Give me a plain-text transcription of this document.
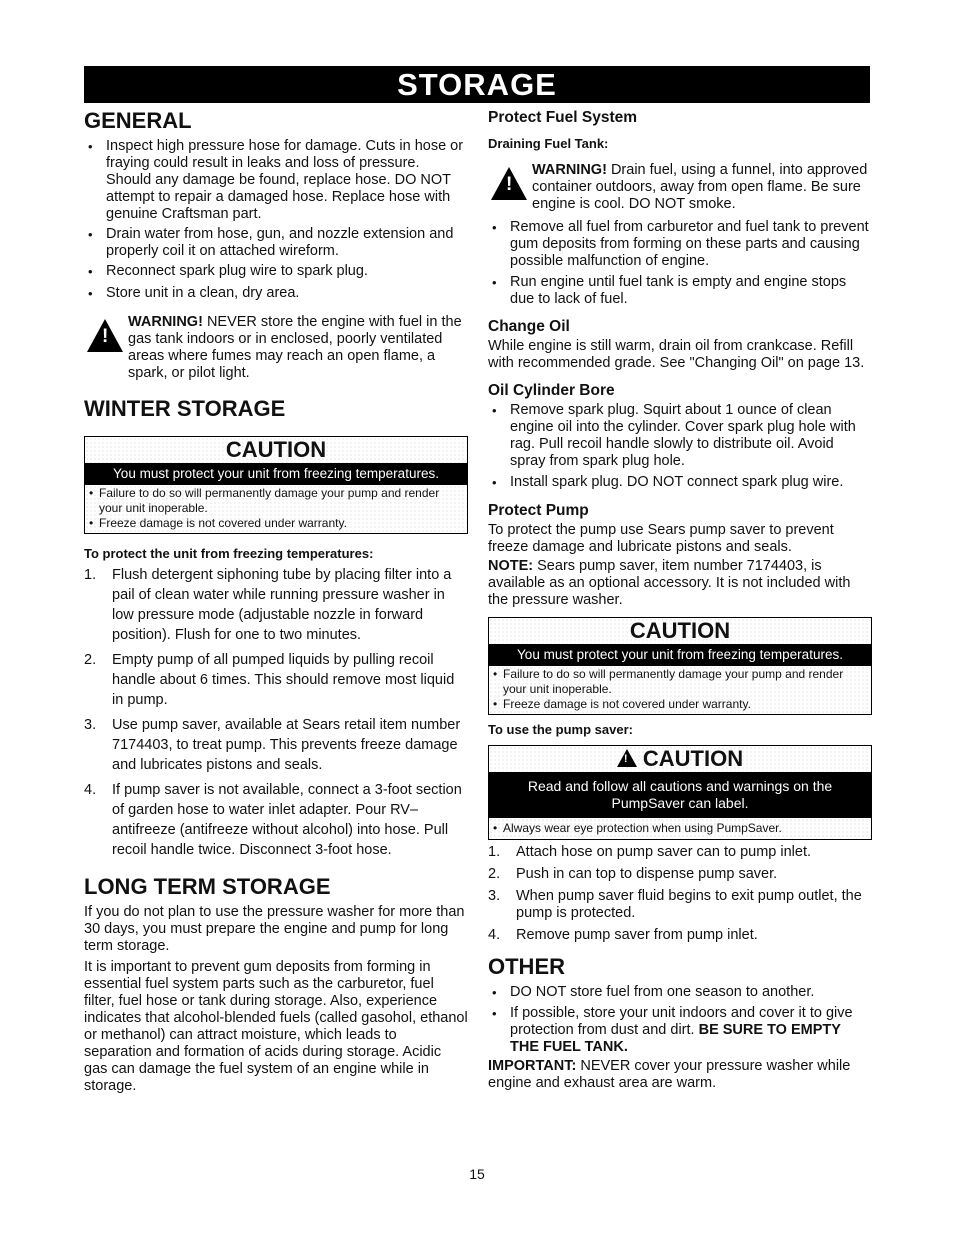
STORAGE
GENERAL
• Inspect high pressure hose for damage. Cuts in hose or fraying could result in leaks and loss of pressure. Should any damage be found, replace hose. DO NOT attempt to repair a damaged hose. Replace hose with genuine Craftsman part.
• Drain water from hose, gun, and nozzle extension and properly coil it on attached wireform.
• Reconnect spark plug wire to spark plug.
• Store unit in a clean, dry area.
!
WARNING! NEVER store the engine with fuel in the gas tank indoors or in enclosed, poorly ventilated areas where fumes may reach an open flame, a spark, or pilot light.
WINTER STORAGE
CAUTION
You must protect your unit from freezing temperatures.
• Failure to do so will permanently damage your pump and render your unit inoperable.
• Freeze damage is not covered under warranty.
To protect the unit from freezing temperatures:
1. Flush detergent siphoning tube by placing filter into a pail of clean water while running pressure washer in low pressure mode (adjustable nozzle in forward position). Flush for one to two minutes.
2. Empty pump of all pumped liquids by pulling recoil handle about 6 times. This should remove most liquid in pump.
3. Use pump saver, available at Sears retail item number 7174403, to treat pump. This prevents freeze damage and lubricates pistons and seals.
4. If pump saver is not available, connect a 3-foot section of garden hose to water inlet adapter. Pour RV–antifreeze (antifreeze without alcohol) into hose. Pull recoil handle twice. Disconnect 3-foot hose.
LONG TERM STORAGE

If you do not plan to use the pressure washer for more than 30 days, you must prepare the engine and pump for long term storage.

It is important to prevent gum deposits from forming in essential fuel system parts such as the carburetor, fuel filter, fuel hose or tank during storage. Also, experience indicates that alcohol-blended fuels (called gasohol, ethanol or methanol) can attract moisture, which leads to separation and formation of acids during storage. Acidic gas can damage the fuel system of an engine while in storage.

Protect Fuel System
Draining Fuel Tank:
!
WARNING! Drain fuel, using a funnel, into approved container outdoors, away from open flame. Be sure engine is cool. DO NOT smoke.
• Remove all fuel from carburetor and fuel tank to prevent gum deposits from forming on these parts and causing possible malfunction of engine.
• Run engine until fuel tank is empty and engine stops due to lack of fuel.
Change Oil

While engine is still warm, drain oil from crankcase. Refill with recommended grade. See "Changing Oil" on page 13.

Oil Cylinder Bore
• Remove spark plug. Squirt about 1 ounce of clean engine oil into the cylinder. Cover spark plug hole with rag. Pull recoil handle slowly to distribute oil. Avoid spray from spark plug hole.
• Install spark plug. DO NOT connect spark plug wire.
Protect Pump

To protect the pump use Sears pump saver to prevent freeze damage and lubricate pistons and seals.

NOTE: Sears pump saver, item number 7174403, is available as an optional accessory. It is not included with the pressure washer.

CAUTION
You must protect your unit from freezing temperatures.
• Failure to do so will permanently damage your pump and render your unit inoperable.
• Freeze damage is not covered under warranty.
To use the pump saver:
! CAUTION
Read and follow all cautions and warnings on the PumpSaver can label.
• Always wear eye protection when using PumpSaver.
1. Attach hose on pump saver can to pump inlet.
2. Push in can top to dispense pump saver.
3. When pump saver fluid begins to exit pump outlet, the pump is protected.
4. Remove pump saver from pump inlet.
OTHER
• DO NOT store fuel from one season to another.
• If possible, store your unit indoors and cover it to give protection from dust and dirt. BE SURE TO EMPTY THE FUEL TANK.

IMPORTANT: NEVER cover your pressure washer while engine and exhaust area are warm.

15
